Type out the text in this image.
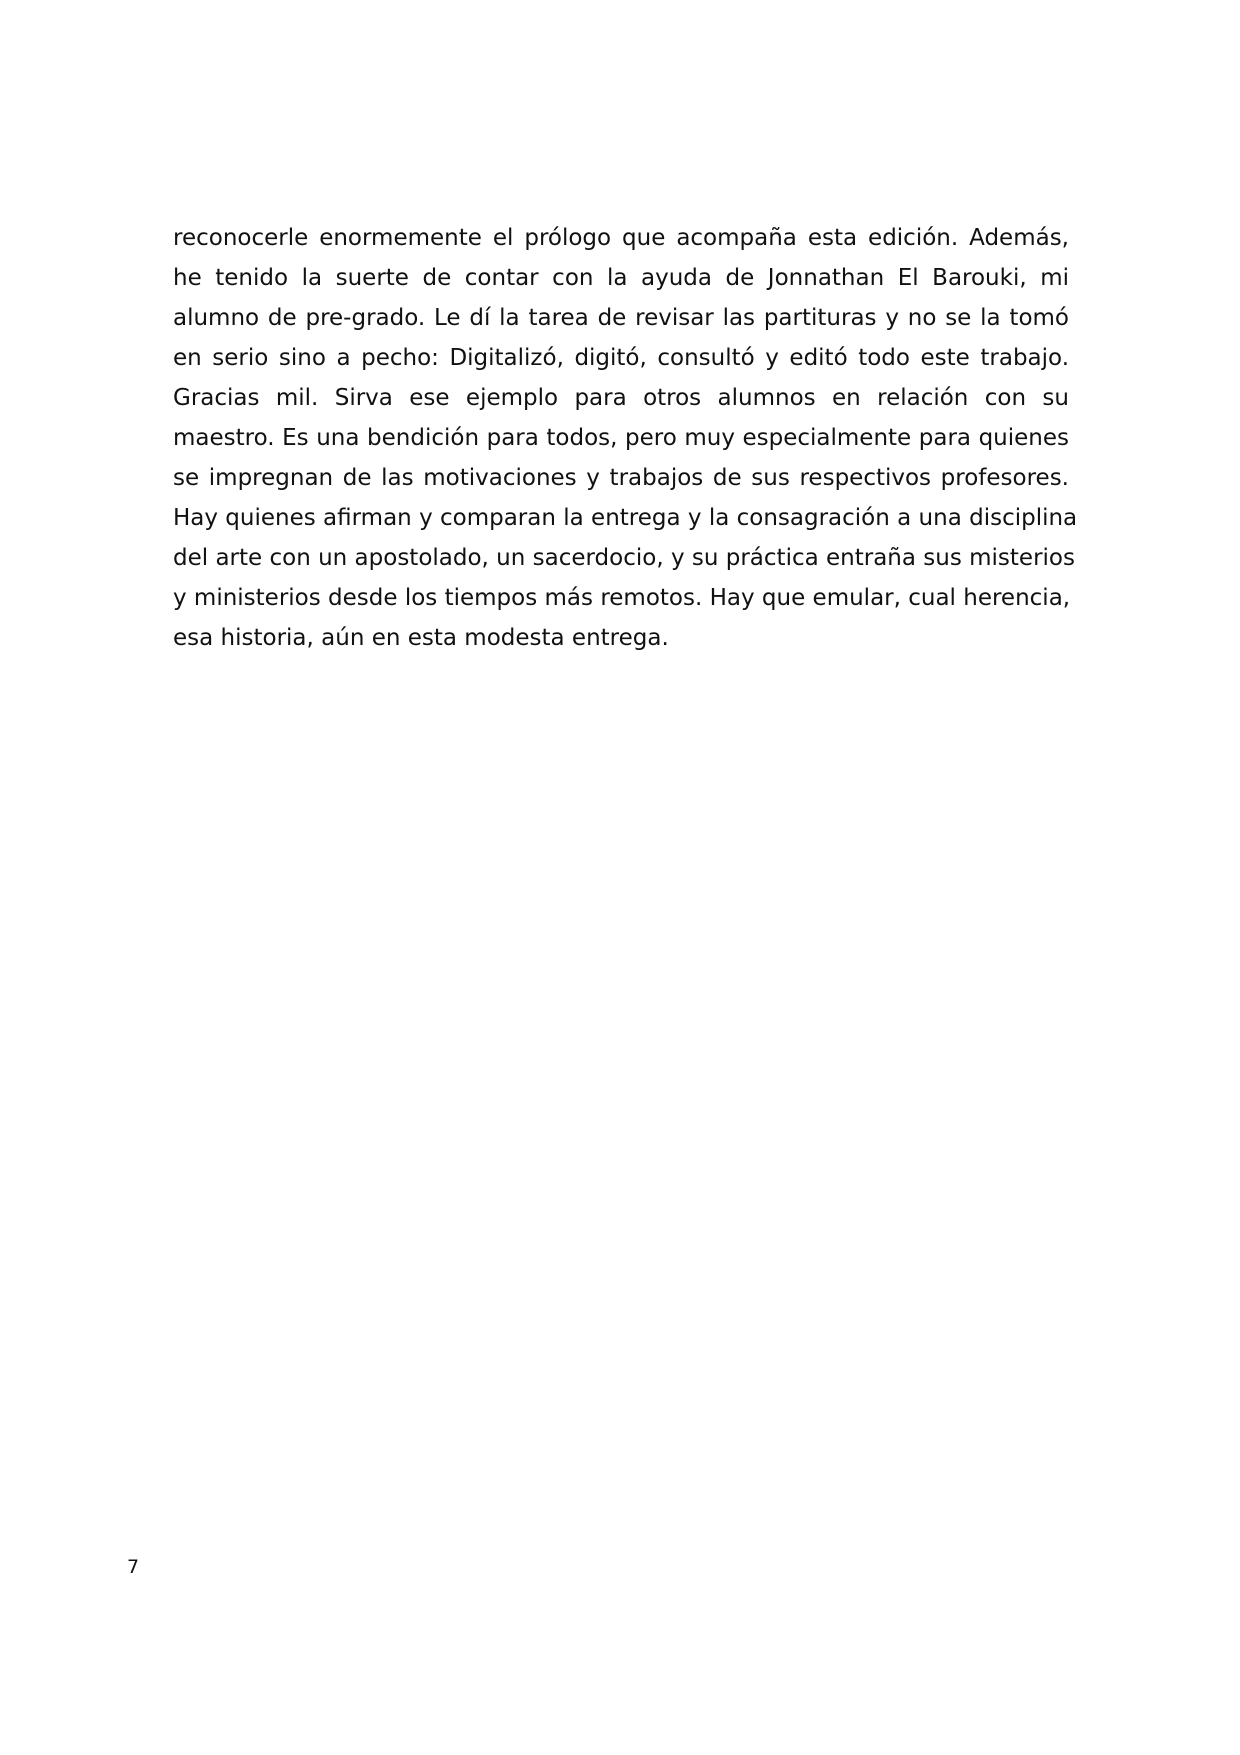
reconocerle enormemente el prólogo que acompaña esta edición. Además,
he tenido la suerte de contar con la ayuda de Jonnathan El Barouki, mi
alumno de pre-grado. Le dí la tarea de revisar las partituras y no se la tomó
en serio sino a pecho: Digitalizó, digitó, consultó y editó todo este trabajo.
Gracias mil. Sirva ese ejemplo para otros alumnos en relación con su
maestro. Es una bendición para todos, pero muy especialmente para quienes
se impregnan de las motivaciones y trabajos de sus respectivos profesores.
Hay quienes afirman y comparan la entrega y la consagración a una disciplina
del arte con un apostolado, un sacerdocio, y su práctica entraña sus misterios
y ministerios desde los tiempos más remotos. Hay que emular, cual herencia,
esa historia, aún en esta modesta entrega.
7
